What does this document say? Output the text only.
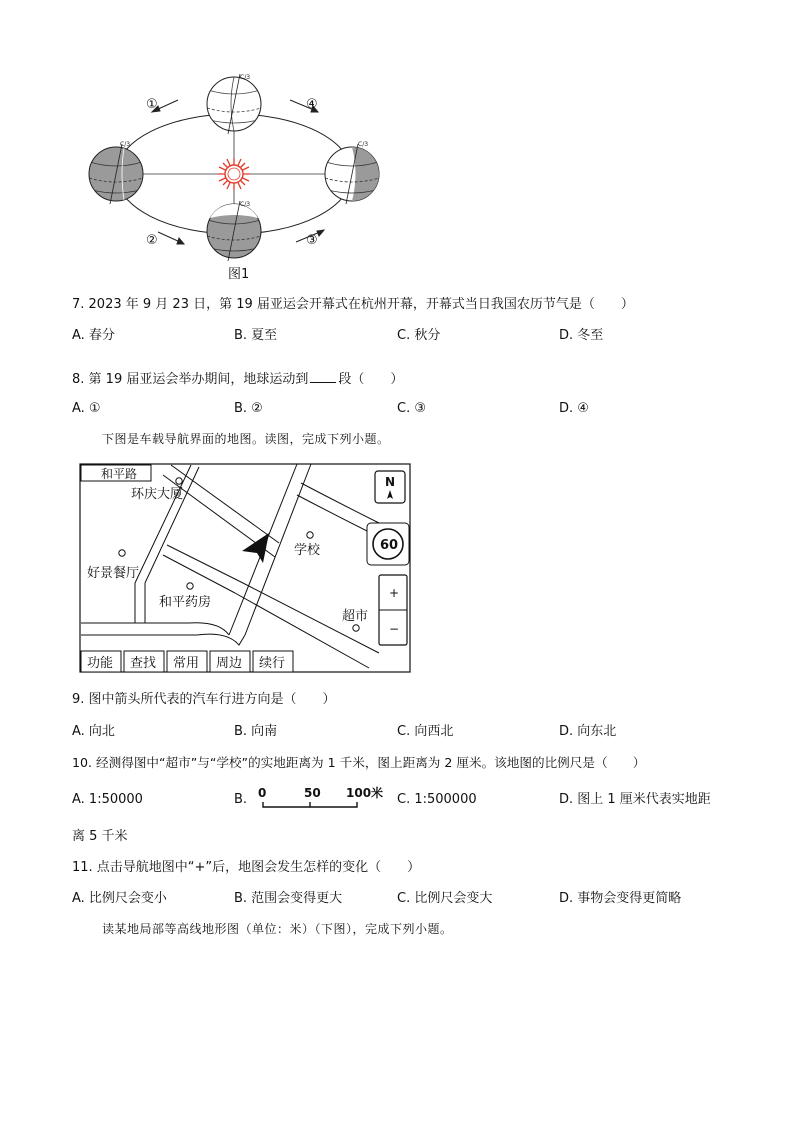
C/3
C/3	C/3
C/3
①	④
②	③
图1
7. 2023 年 9 月 23 日，第 19 届亚运会开幕式在杭州开幕，开幕式当日我国农历节气是（　　）
A. 春分	B. 夏至	C. 秋分	D. 冬至
8. 第 19 届亚运会举办期间，地球运动到 段（　　）
A. ①	B. ②	C. ③	D. ④
下图是车载导航界面的地图。读图，完成下列小题。
和平路
环庆大厦
好景餐厅
和平药房
学校
超市
N
60
+
−
功能 查找 常用 周边 续行
9. 图中箭头所代表的汽车行进方向是（　　）
A. 向北	B. 向南	C. 向西北	D. 向东北
10. 经测得图中“超市”与“学校”的实地距离为 1 千米，图上距离为 2 厘米。该地图的比例尺是（　　）
A. 1:50000	B. 0	50 100米 C. 1:500000	D. 图上 1 厘米代表实地距
离 5 千米
11. 点击导航地图中“+”后，地图会发生怎样的变化（　　）
A. 比例尺会变小	B. 范围会变得更大	C. 比例尺会变大	D. 事物会变得更简略
读某地局部等高线地形图（单位：米）（下图），完成下列小题。
